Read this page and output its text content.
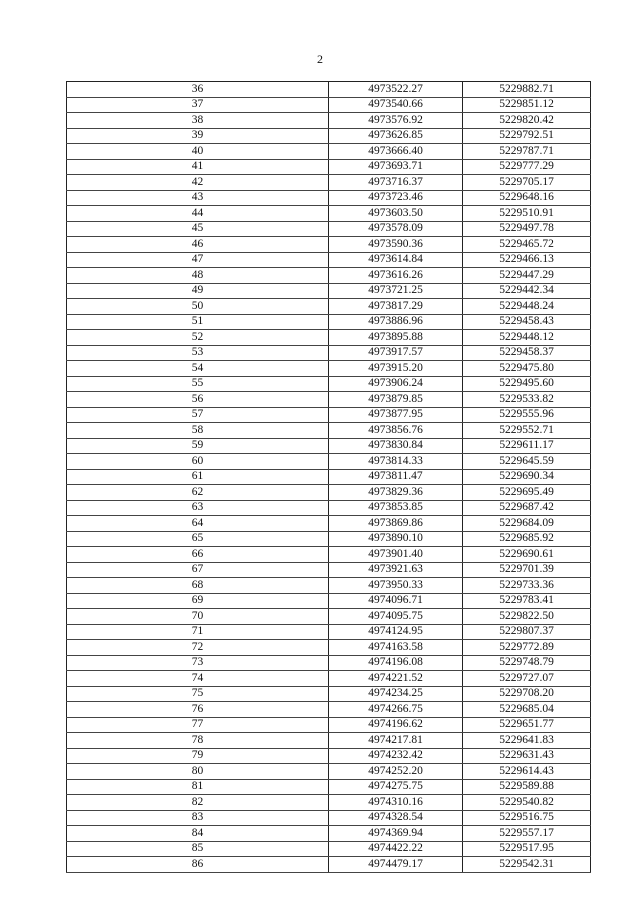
2
36	4973522.27	5229882.71
37	4973540.66	5229851.12
38	4973576.92	5229820.42
39	4973626.85	5229792.51
40	4973666.40	5229787.71
41	4973693.71	5229777.29
42	4973716.37	5229705.17
43	4973723.46	5229648.16
44	4973603.50	5229510.91
45	4973578.09	5229497.78
46	4973590.36	5229465.72
47	4973614.84	5229466.13
48	4973616.26	5229447.29
49	4973721.25	5229442.34
50	4973817.29	5229448.24
51	4973886.96	5229458.43
52	4973895.88	5229448.12
53	4973917.57	5229458.37
54	4973915.20	5229475.80
55	4973906.24	5229495.60
56	4973879.85	5229533.82
57	4973877.95	5229555.96
58	4973856.76	5229552.71
59	4973830.84	5229611.17
60	4973814.33	5229645.59
61	4973811.47	5229690.34
62	4973829.36	5229695.49
63	4973853.85	5229687.42
64	4973869.86	5229684.09
65	4973890.10	5229685.92
66	4973901.40	5229690.61
67	4973921.63	5229701.39
68	4973950.33	5229733.36
69	4974096.71	5229783.41
70	4974095.75	5229822.50
71	4974124.95	5229807.37
72	4974163.58	5229772.89
73	4974196.08	5229748.79
74	4974221.52	5229727.07
75	4974234.25	5229708.20
76	4974266.75	5229685.04
77	4974196.62	5229651.77
78	4974217.81	5229641.83
79	4974232.42	5229631.43
80	4974252.20	5229614.43
81	4974275.75	5229589.88
82	4974310.16	5229540.82
83	4974328.54	5229516.75
84	4974369.94	5229557.17
85	4974422.22	5229517.95
86	4974479.17	5229542.31
